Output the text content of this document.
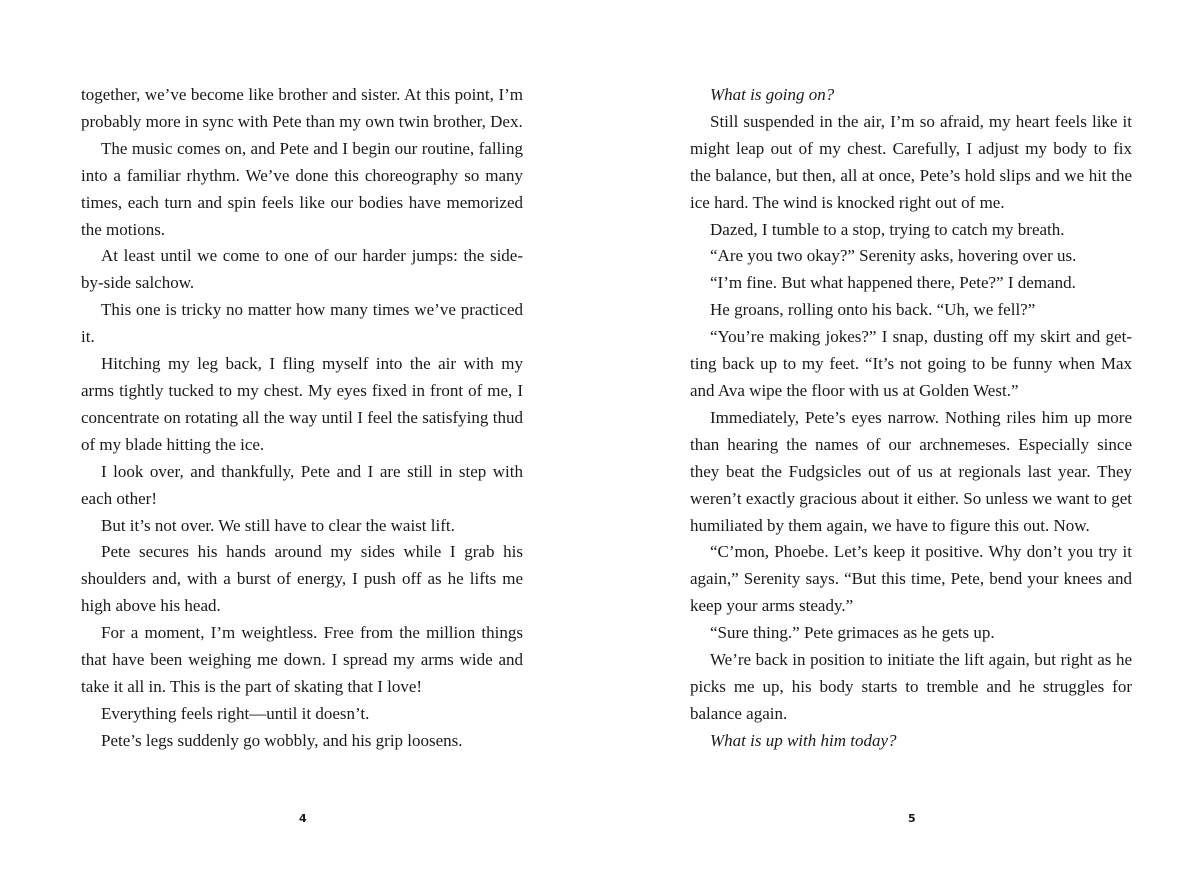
together, we’ve become like brother and sister. At this point, I’m probably more in sync with Pete than my own twin brother, Dex.

The music comes on, and Pete and I begin our routine, falling into a familiar rhythm. We’ve done this choreography so many times, each turn and spin feels like our bodies have memorized the motions.

At least until we come to one of our harder jumps: the side-by-side salchow.

This one is tricky no matter how many times we’ve practiced it.

Hitching my leg back, I fling myself into the air with my arms tightly tucked to my chest. My eyes fixed in front of me, I concentrate on rotating all the way until I feel the satisfying thud of my blade hitting the ice.

I look over, and thankfully, Pete and I are still in step with each other!

But it’s not over. We still have to clear the waist lift.

Pete secures his hands around my sides while I grab his shoulders and, with a burst of energy, I push off as he lifts me high above his head.

For a moment, I’m weightless. Free from the million things that have been weighing me down. I spread my arms wide and take it all in. This is the part of skating that I love!

Everything feels right—until it doesn’t.

Pete’s legs suddenly go wobbly, and his grip loosens.

4

What is going on?

Still suspended in the air, I’m so afraid, my heart feels like it might leap out of my chest. Carefully, I adjust my body to fix the balance, but then, all at once, Pete’s hold slips and we hit the ice hard. The wind is knocked right out of me.

Dazed, I tumble to a stop, trying to catch my breath.

“Are you two okay?” Serenity asks, hovering over us.

“I’m fine. But what happened there, Pete?” I demand.

He groans, rolling onto his back. “Uh, we fell?”

“You’re making jokes?” I snap, dusting off my skirt and getting back up to my feet. “It’s not going to be funny when Max and Ava wipe the floor with us at Golden West.”

Immediately, Pete’s eyes narrow. Nothing riles him up more than hearing the names of our archnemeses. Especially since they beat the Fudgsicles out of us at regionals last year. They weren’t exactly gracious about it either. So unless we want to get humiliated by them again, we have to figure this out. Now.

“C’mon, Phoebe. Let’s keep it positive. Why don’t you try it again,” Serenity says. “But this time, Pete, bend your knees and keep your arms steady.”

“Sure thing.” Pete grimaces as he gets up.

We’re back in position to initiate the lift again, but right as he picks me up, his body starts to tremble and he struggles for balance again.

What is up with him today?

5
